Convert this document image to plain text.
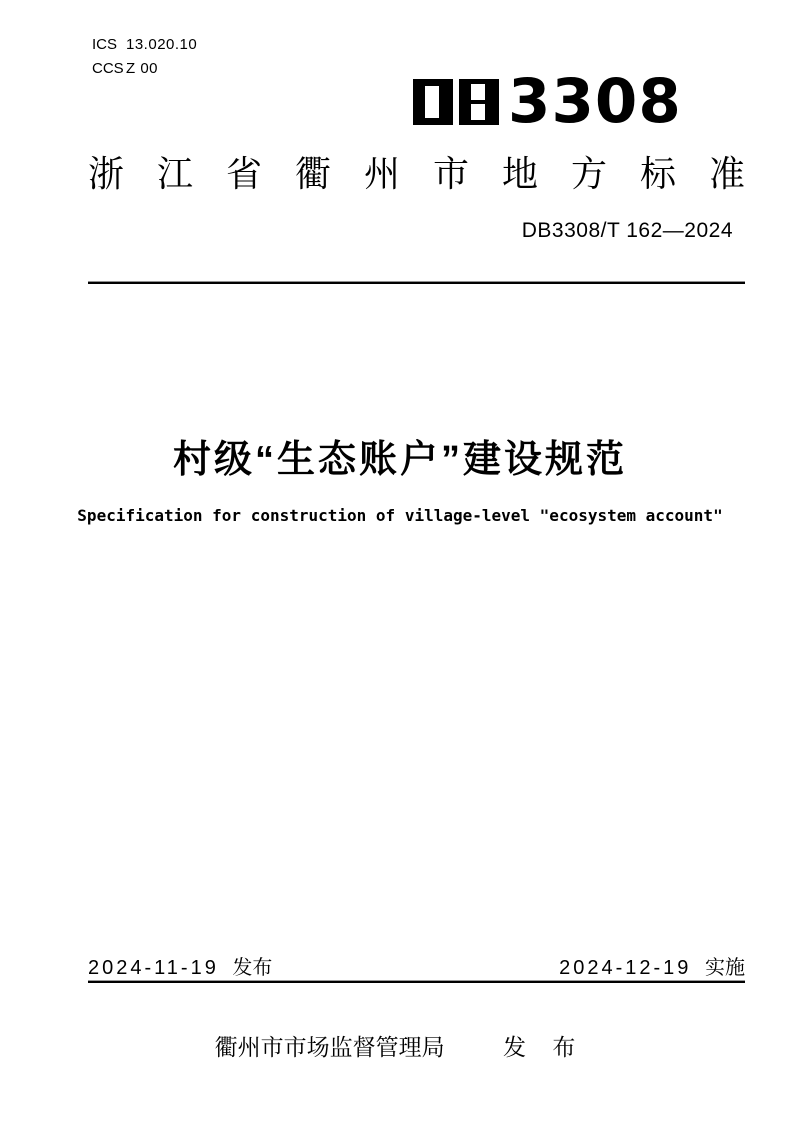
ICS 13.020.10
CCS Z 00	3308
浙江省衢州市地方标准
DB3308/T 162—2024
村级“生态账户”建设规范
Specification for construction of village-level "ecosystem account"
2024-11-19 发布	2024-12-19 实施
衢州市市场监督管理局	发 布
